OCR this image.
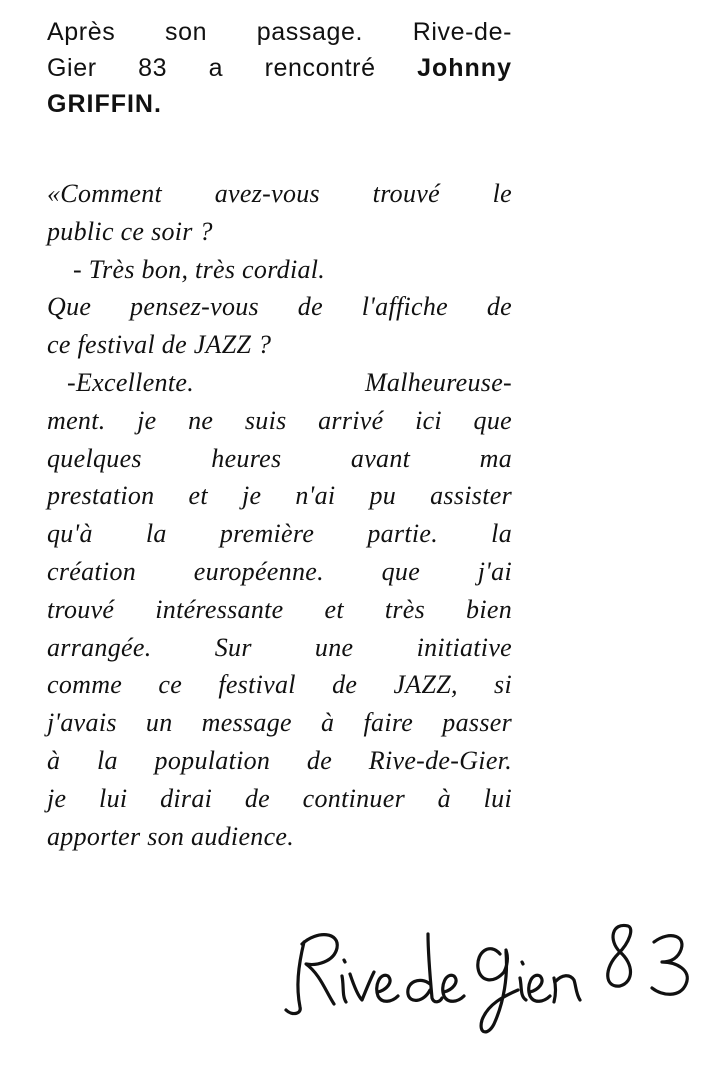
Après son passage. Rive-de-

Gier 83 a rencontré Johnny

GRIFFIN.

«Comment avez-vous trouvé le
public ce soir ?
- Très bon, très cordial.
Que pensez-vous de l'affiche de
ce festival de JAZZ ?
-Excellente. Malheureuse-
ment. je ne suis arrivé ici que
quelques heures avant ma
prestation et je n'ai pu assister
qu'à la première partie. la
création européenne. que j'ai
trouvé intéressante et très bien
arrangée. Sur une initiative
comme ce festival de JAZZ, si
j'avais un message à faire passer
à la population de Rive-de-Gier.
je lui dirai de continuer à lui
apporter son audience.
